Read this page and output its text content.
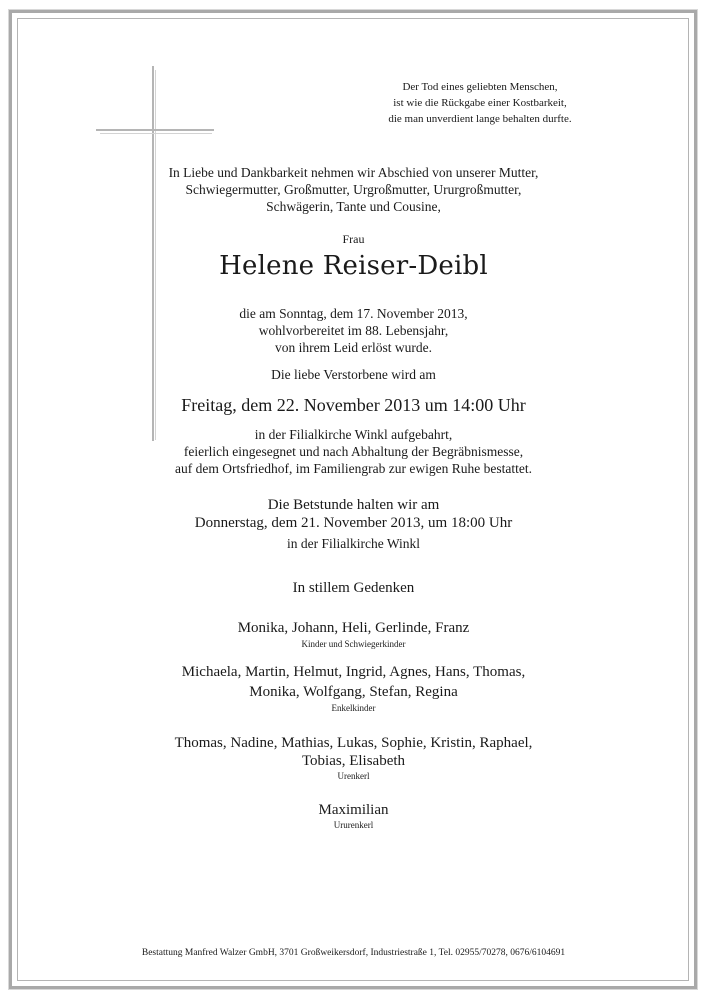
Der Tod eines geliebten Menschen,
ist wie die Rückgabe einer Kostbarkeit,
die man unverdient lange behalten durfte.
In Liebe und Dankbarkeit nehmen wir Abschied von unserer Mutter,
Schwiegermutter, Großmutter, Urgroßmutter, Ururgroßmutter,
Schwägerin, Tante und Cousine,
Frau
Helene Reiser-Deibl
die am Sonntag, dem 17. November 2013,
wohlvorbereitet im 88. Lebensjahr,
von ihrem Leid erlöst wurde.
Die liebe Verstorbene wird am
Freitag, dem 22. November 2013 um 14:00 Uhr
in der Filialkirche Winkl aufgebahrt,
feierlich eingesegnet und nach Abhaltung der Begräbnismesse,
auf dem Ortsfriedhof, im Familiengrab zur ewigen Ruhe bestattet.
Die Betstunde halten wir am
Donnerstag, dem 21. November 2013, um 18:00 Uhr
in der Filialkirche Winkl
In stillem Gedenken
Monika, Johann, Heli, Gerlinde, Franz
Kinder und Schwiegerkinder
Michaela, Martin, Helmut, Ingrid, Agnes, Hans, Thomas,
Monika, Wolfgang, Stefan, Regina
Enkelkinder
Thomas, Nadine, Mathias, Lukas, Sophie, Kristin, Raphael,
Tobias, Elisabeth
Urenkerl
Maximilian
Ururenkerl
Bestattung Manfred Walzer GmbH, 3701 Großweikersdorf, Industriestraße 1, Tel. 02955/70278, 0676/6104691
